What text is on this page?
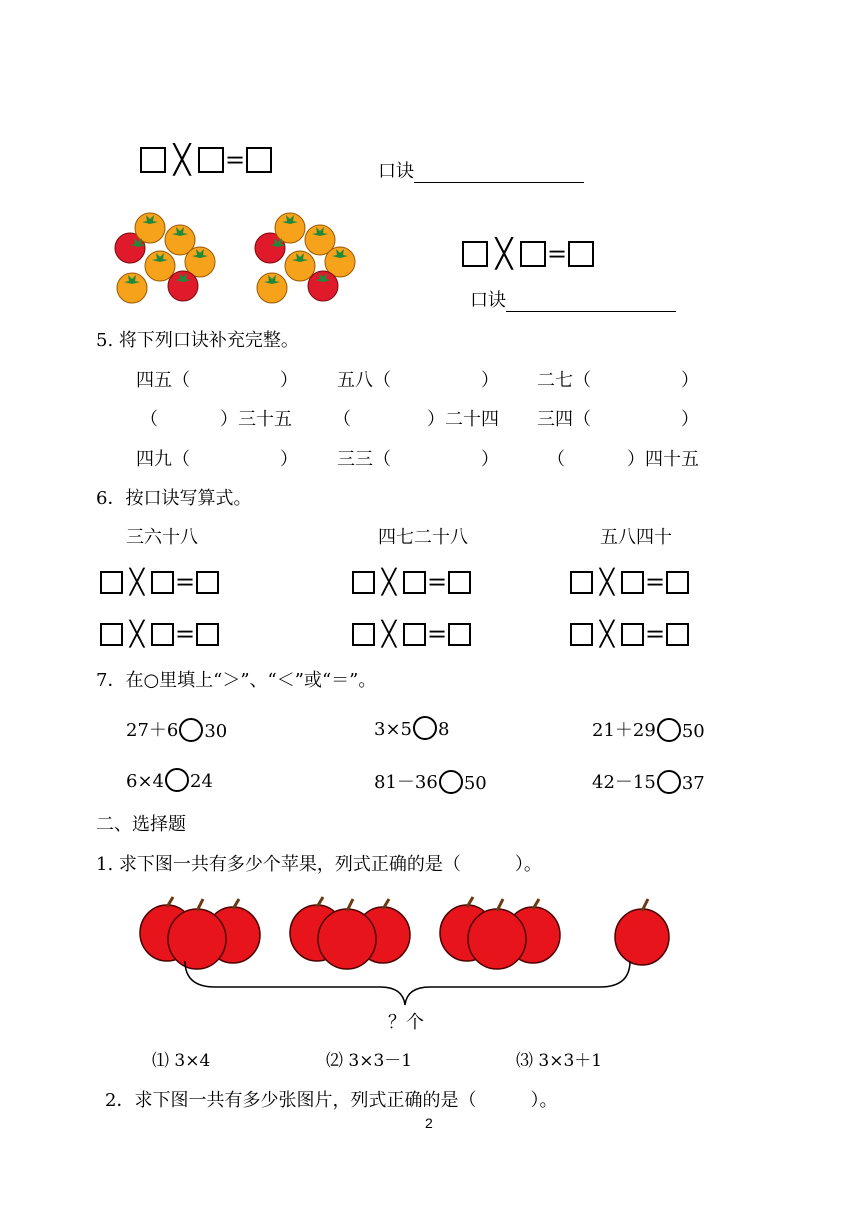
╳	=	口诀
╳	=
口诀
5. 将下列口诀补充完整。
四五（	） 五八（	） 二七（	）
（	）三十五 （	）二十四 三四（	）
四九（	） 三三（	）	（	）四十五
6．按口诀写算式。
三六十八	四七二十八	五八四十
╳ =	╳ =	╳ =
╳ =	╳ =	╳ =
7．在○里填上“＞”、“＜”或“＝”。
27＋6 30	3×5 8	21＋29 50
6×4 24	81－36 50	42－15 37
二、选择题
1. 求下图一共有多少个苹果，列式正确的是（	）。
？个
⑴ 3×4	⑵ 3×3－1	⑶ 3×3＋1
2．求下图一共有多少张图片，列式正确的是（	）。
2
